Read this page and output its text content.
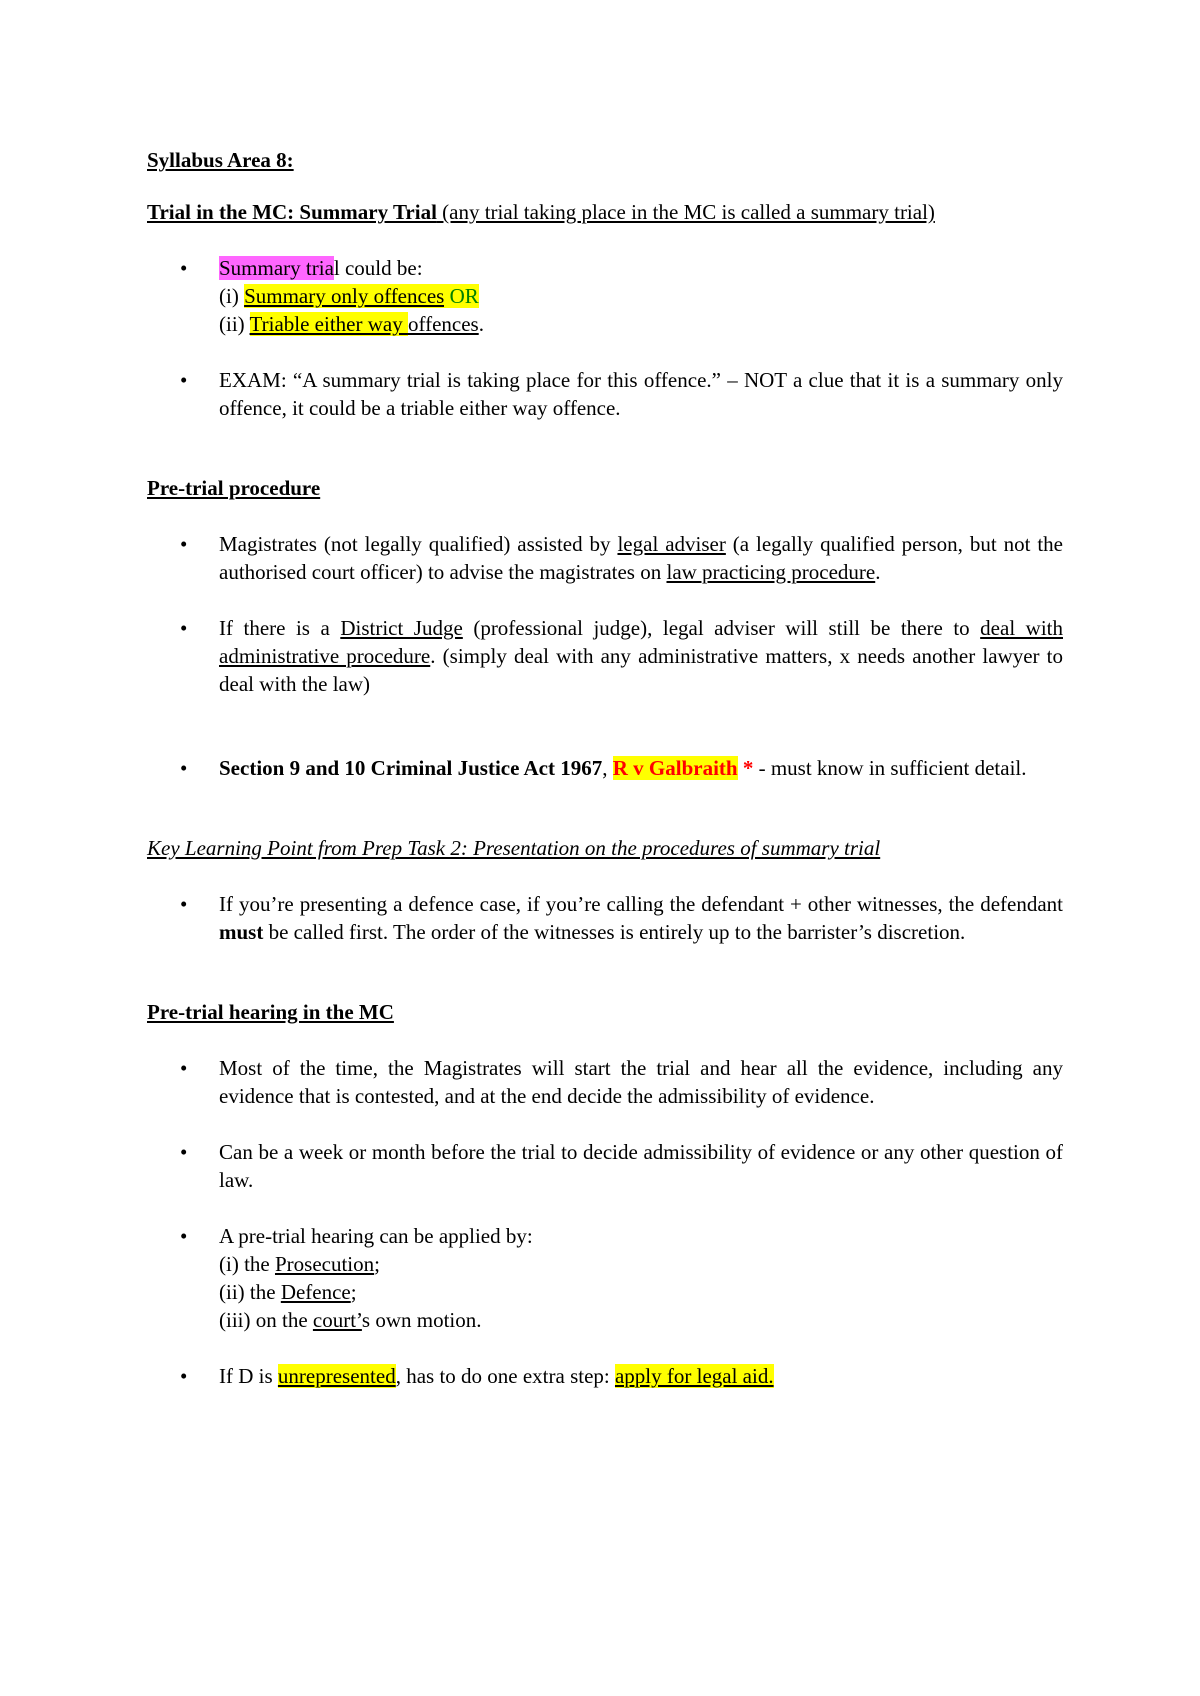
Syllabus Area 8:

Trial in the MC: Summary Trial (any trial taking place in the MC is called a summary trial)

• Summary trial could be:
(i) Summary only offences OR
(ii) Triable either way offences.
• EXAM: “A summary trial is taking place for this offence.” – NOT a clue that it is a summary only offence, it could be a triable either way offence.

Pre-trial procedure

• Magistrates (not legally qualified) assisted by legal adviser (a legally qualified person, but not the authorised court officer) to advise the magistrates on law practicing procedure.
• If there is a District Judge (professional judge), legal adviser will still be there to deal with administrative procedure. (simply deal with any administrative matters, x needs another lawyer to deal with the law)
• Section 9 and 10 Criminal Justice Act 1967, R v Galbraith * - must know in sufficient detail.

Key Learning Point from Prep Task 2: Presentation on the procedures of summary trial

• If you’re presenting a defence case, if you’re calling the defendant + other witnesses, the defendant must be called first. The order of the witnesses is entirely up to the barrister’s discretion.

Pre-trial hearing in the MC

• Most of the time, the Magistrates will start the trial and hear all the evidence, including any evidence that is contested, and at the end decide the admissibility of evidence.
• Can be a week or month before the trial to decide admissibility of evidence or any other question of law.
• A pre-trial hearing can be applied by:
(i) the Prosecution;
(ii) the Defence;
(iii) on the court’s own motion.
• If D is unrepresented, has to do one extra step: apply for legal aid.
